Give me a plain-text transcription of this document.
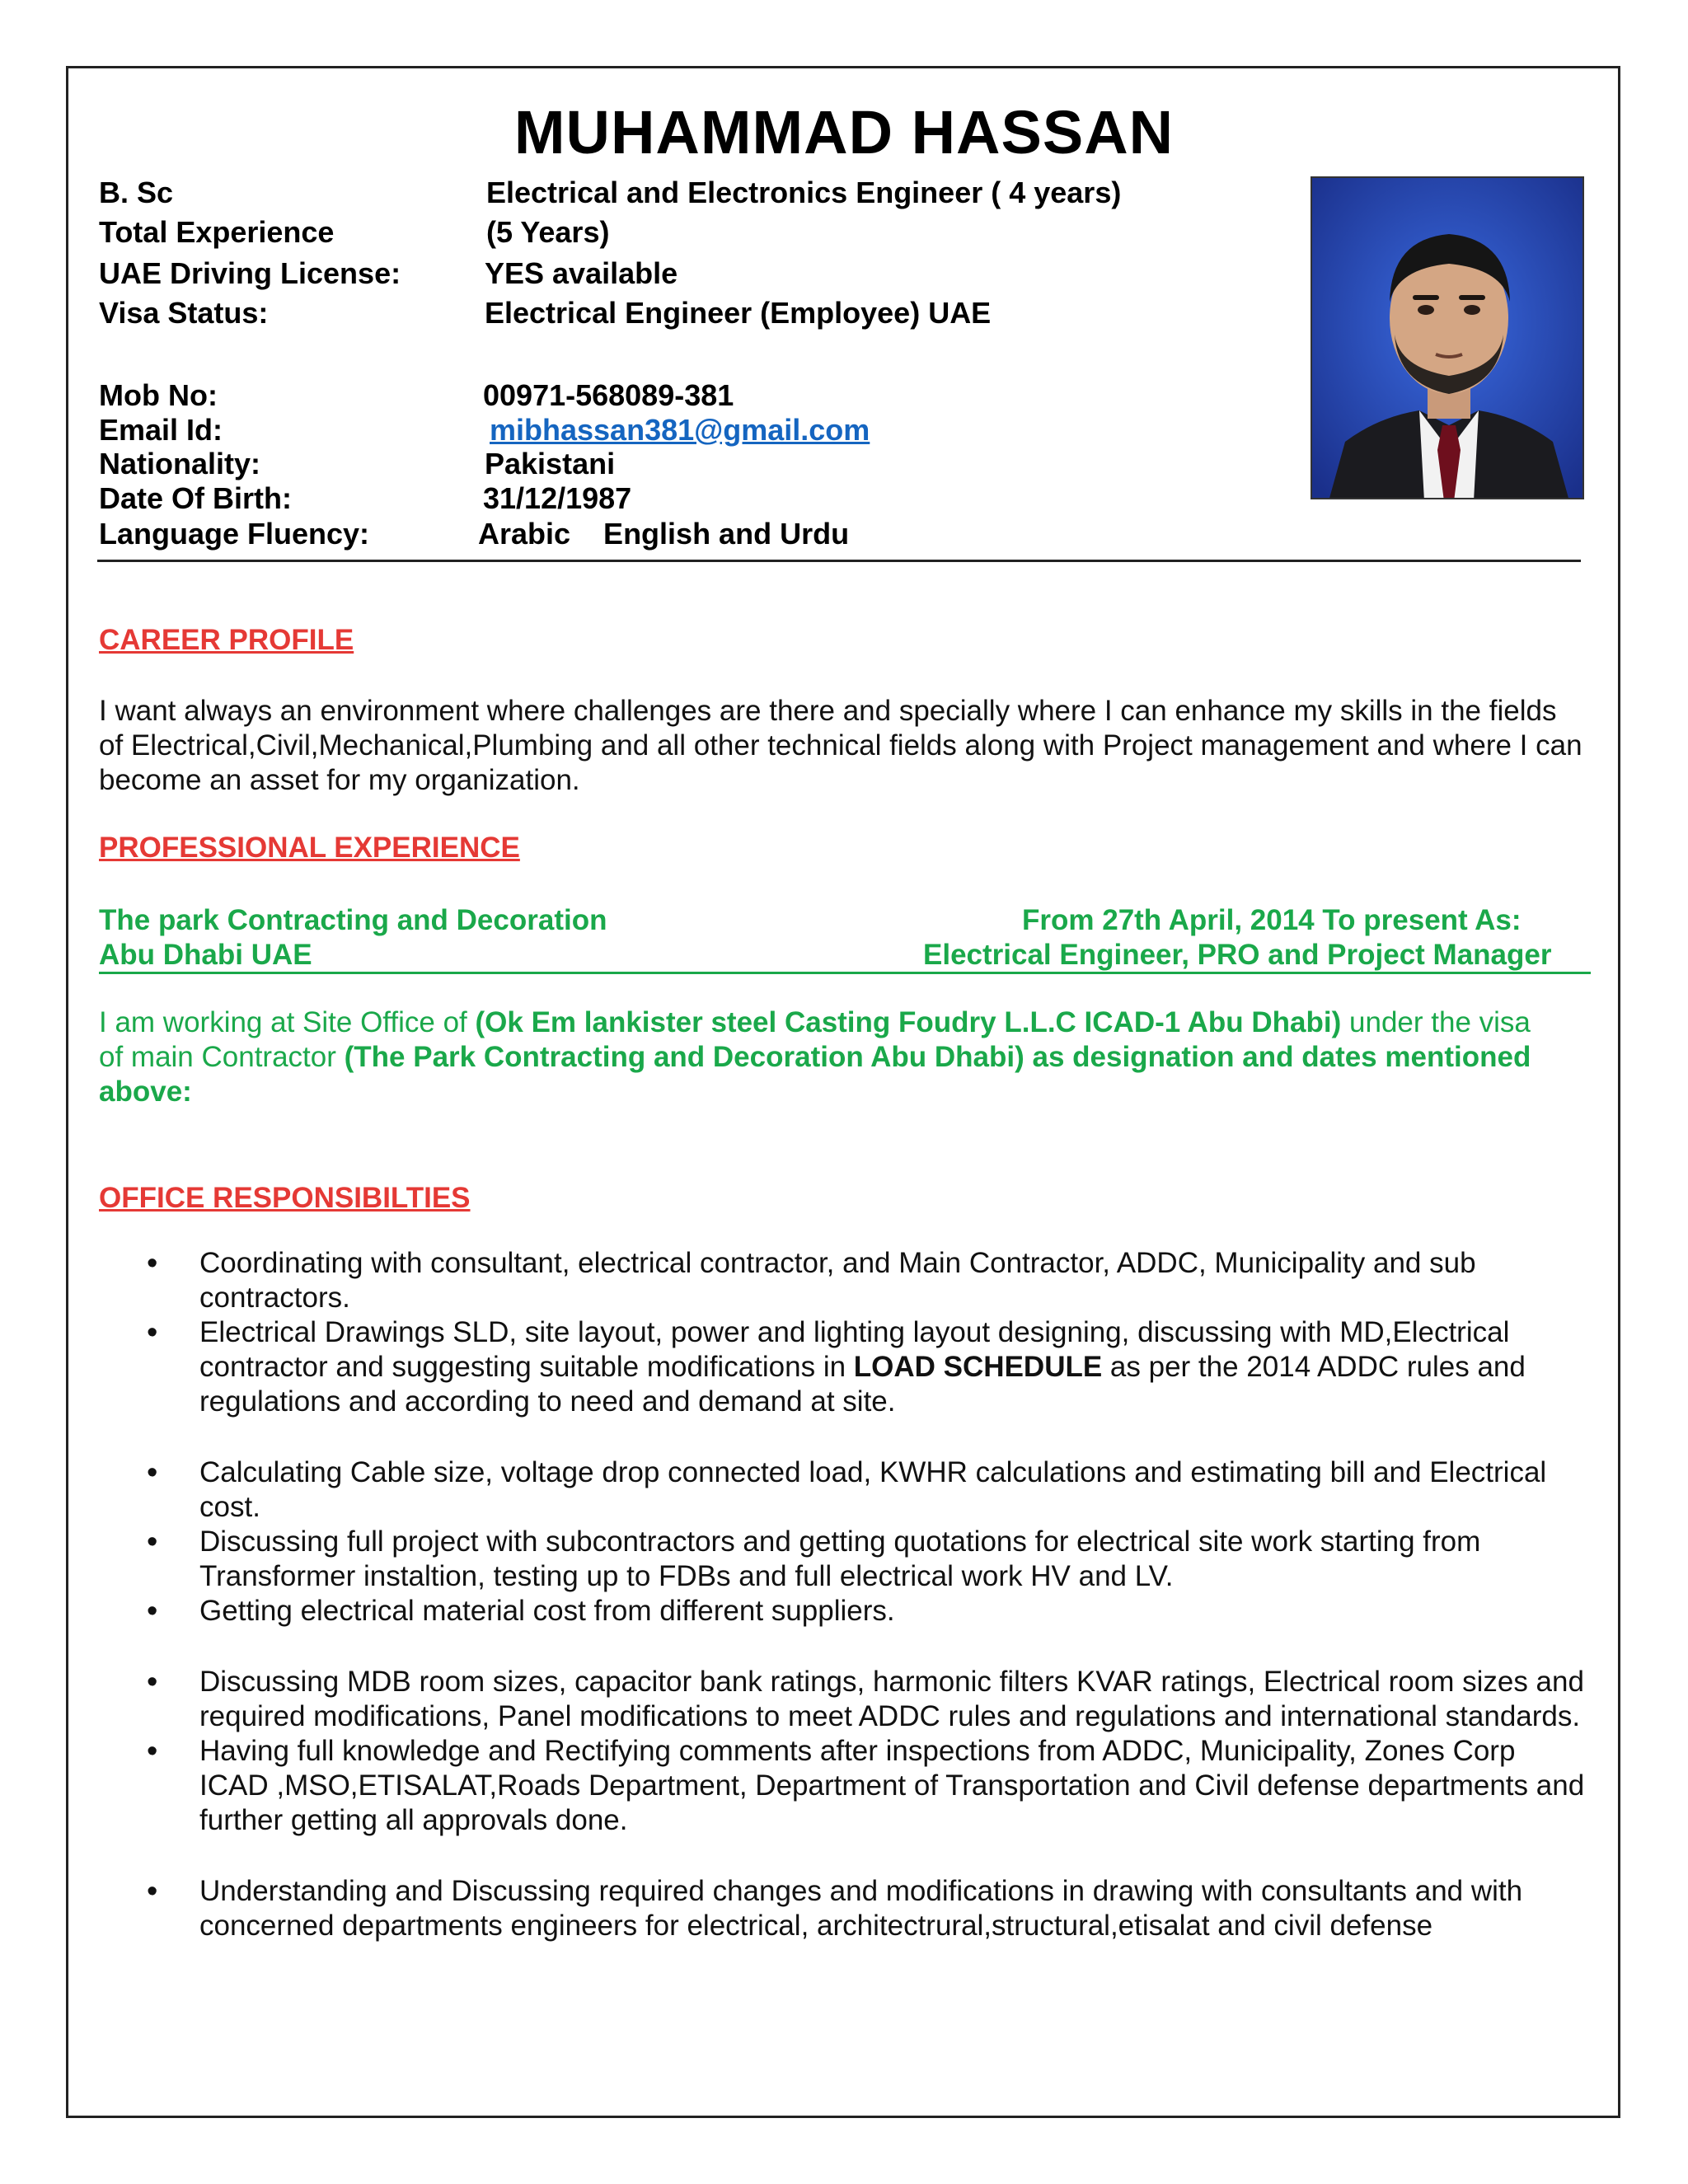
MUHAMMAD HASSAN
B. Sc	Electrical and Electronics Engineer ( 4 years)
Total Experience	(5 Years)
UAE Driving License:	YES available
Visa Status:	Electrical Engineer (Employee) UAE
Mob No:	00971-568089-381
Email Id:	mibhassan381@gmail.com
Nationality:	Pakistani
Date Of Birth:	31/12/1987
Language Fluency:	Arabic    English and Urdu
CAREER PROFILE
I want always an environment where challenges are there and specially where I can enhance my skills in the fields of Electrical,Civil,Mechanical,Plumbing and all other technical fields along with Project management and where I can become an asset for my organization.
PROFESSIONAL EXPERIENCE
The park Contracting and Decoration	From 27th April, 2014 To present As:
Abu Dhabi UAE	Electrical Engineer, PRO and Project Manager
I am working at Site Office of (Ok Em lankister steel Casting Foudry L.L.C ICAD-1 Abu Dhabi) under the visa of main Contractor (The Park Contracting and Decoration Abu Dhabi) as designation and dates mentioned above:
OFFICE RESPONSIBILTIES
• Coordinating with consultant, electrical contractor, and Main Contractor, ADDC, Municipality and sub contractors.
• Electrical Drawings SLD, site layout, power and lighting layout designing, discussing with MD,Electrical contractor and suggesting suitable modifications in LOAD SCHEDULE as per the 2014 ADDC rules and regulations and according to need and demand at site.
• Calculating Cable size, voltage drop connected load, KWHR calculations and estimating bill and Electrical cost.
• Discussing full project with subcontractors and getting quotations for electrical site work starting from Transformer instaltion, testing up to FDBs and full electrical work HV and LV.
• Getting electrical material cost from different suppliers.
• Discussing MDB room sizes, capacitor bank ratings, harmonic filters KVAR ratings, Electrical room sizes and required modifications, Panel modifications to meet ADDC rules and regulations and international standards.
• Having full knowledge and Rectifying comments after inspections from ADDC, Municipality, Zones Corp ICAD ,MSO,ETISALAT,Roads Department, Department of Transportation and Civil defense departments and further getting all approvals done.
• Understanding and Discussing required changes and modifications in drawing with consultants and with concerned departments engineers for electrical, architectrural,structural,etisalat and civil defense
